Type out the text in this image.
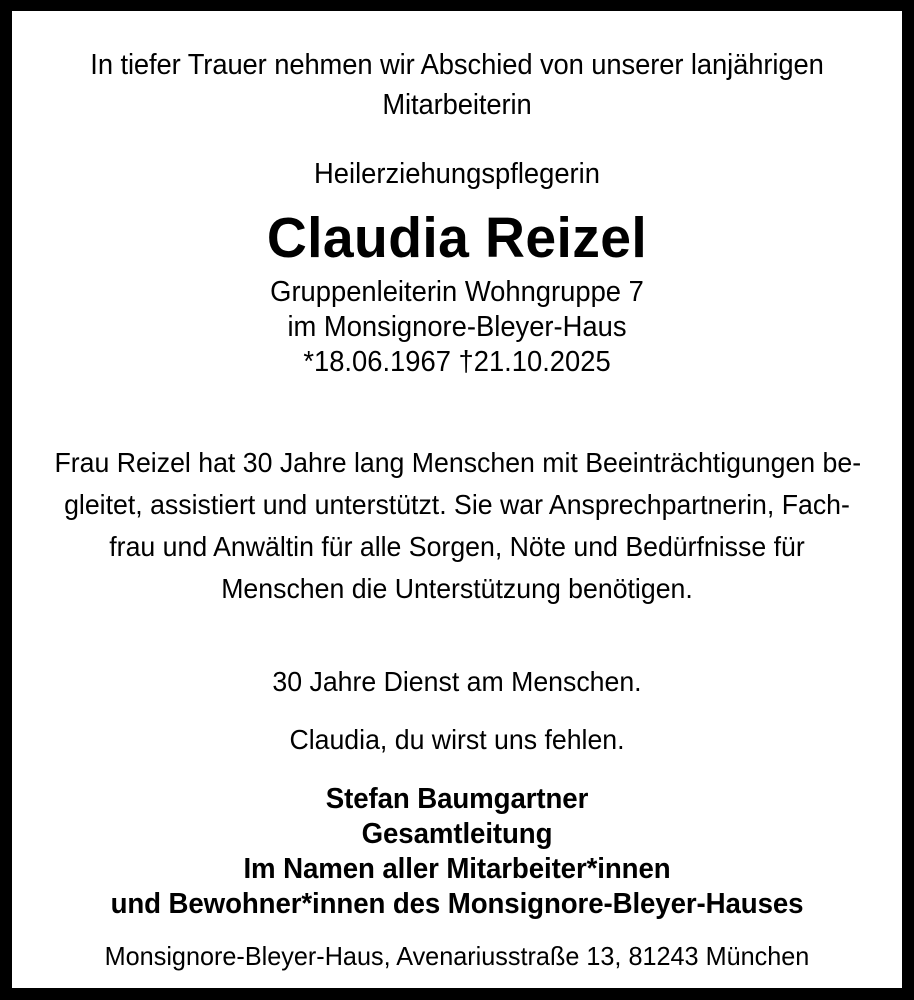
In tiefer Trauer nehmen wir Abschied von unserer lanjährigen
Mitarbeiterin
Heilerziehungspflegerin
Claudia Reizel
Gruppenleiterin Wohngruppe 7
im Monsignore-Bleyer-Haus
*18.06.1967 †21.10.2025
Frau Reizel hat 30 Jahre lang Menschen mit Beeinträchtigungen be-
gleitet, assistiert und unterstützt. Sie war Ansprechpartnerin, Fach-
frau und Anwältin für alle Sorgen, Nöte und Bedürfnisse für
Menschen die Unterstützung benötigen.
30 Jahre Dienst am Menschen.
Claudia, du wirst uns fehlen.
Stefan Baumgartner
Gesamtleitung
Im Namen aller Mitarbeiter*innen
und Bewohner*innen des Monsignore-Bleyer-Hauses
Monsignore-Bleyer-Haus, Avenariusstraße 13, 81243 München
